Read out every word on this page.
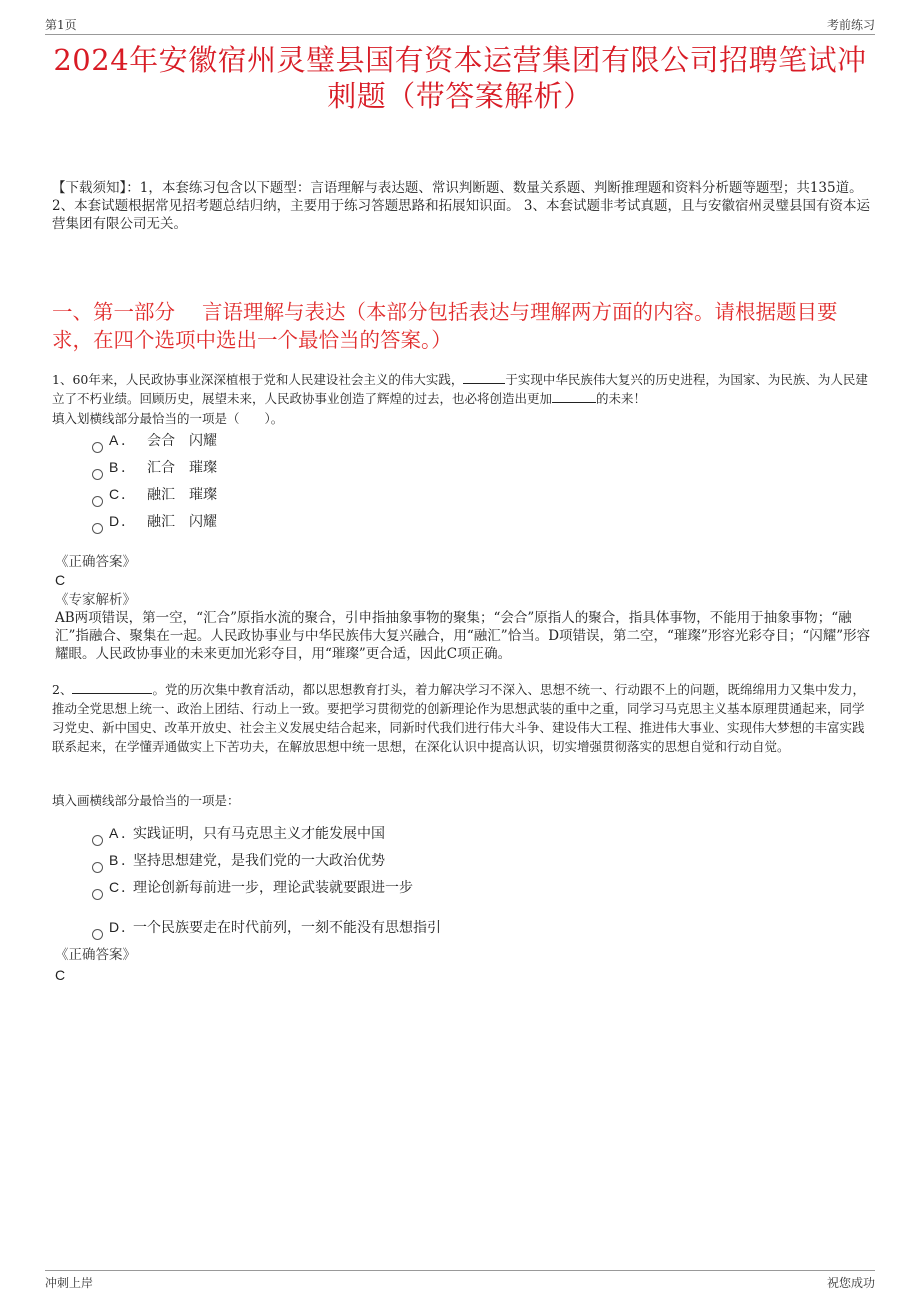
第1页	考前练习
2024年安徽宿州灵璧县国有资本运营集团有限公司招聘笔试冲刺题（带答案解析）
【下载须知】：1，本套练习包含以下题型：言语理解与表达题、常识判断题、数量关系题、判断推理题和资料分析题等题型；共135道。 2、本套试题根据常见招考题总结归纳，主要用于练习答题思路和拓展知识面。 3、本套试题非考试真题，且与安徽宿州灵璧县国有资本运营集团有限公司无关。
一、第一部分　 言语理解与表达（本部分包括表达与理解两方面的内容。请根据题目要求，在四个选项中选出一个最恰当的答案。）
1、60年来，人民政协事业深深植根于党和人民建设社会主义的伟大实践，	于实现中华民族伟大复兴的历史进程，为国家、为民族、为人民建立了不朽业绩。回顾历史，展望未来，人民政协事业创造了辉煌的过去，也必将创造出更加	的未来！
填入划横线部分最恰当的一项是（　　）。
A . 会合　闪耀
B . 汇合　璀璨
C . 融汇　璀璨
D . 融汇　闪耀
《正确答案》
C
《专家解析》
AB两项错误，第一空，“汇合”原指水流的聚合，引申指抽象事物的聚集；“会合”原指人的聚合，指具体事物，不能用于抽象事物；“融汇”指融合、聚集在一起。人民政协事业与中华民族伟大复兴融合，用“融汇”恰当。D项错误，第二空，“璀璨”形容光彩夺目；“闪耀”形容耀眼。人民政协事业的未来更加光彩夺目，用“璀璨”更合适，因此C项正确。
2、	。党的历次集中教育活动，都以思想教育打头，着力解决学习不深入、思想不统一、行动跟不上的问题，既绵绵用力又集中发力，推动全党思想上统一、政治上团结、行动上一致。要把学习贯彻党的创新理论作为思想武装的重中之重，同学习马克思主义基本原理贯通起来，同学习党史、新中国史、改革开放史、社会主义发展史结合起来，同新时代我们进行伟大斗争、建设伟大工程、推进伟大事业、实现伟大梦想的丰富实践联系起来，在学懂弄通做实上下苦功夫，在解放思想中统一思想，在深化认识中提高认识，切实增强贯彻落实的思想自觉和行动自觉。
填入画横线部分最恰当的一项是：
A . 实践证明，只有马克思主义才能发展中国
B . 坚持思想建党，是我们党的一大政治优势
C . 理论创新每前进一步，理论武装就要跟进一步
D . 一个民族要走在时代前列，一刻不能没有思想指引
《正确答案》
C
冲刺上岸	祝您成功
